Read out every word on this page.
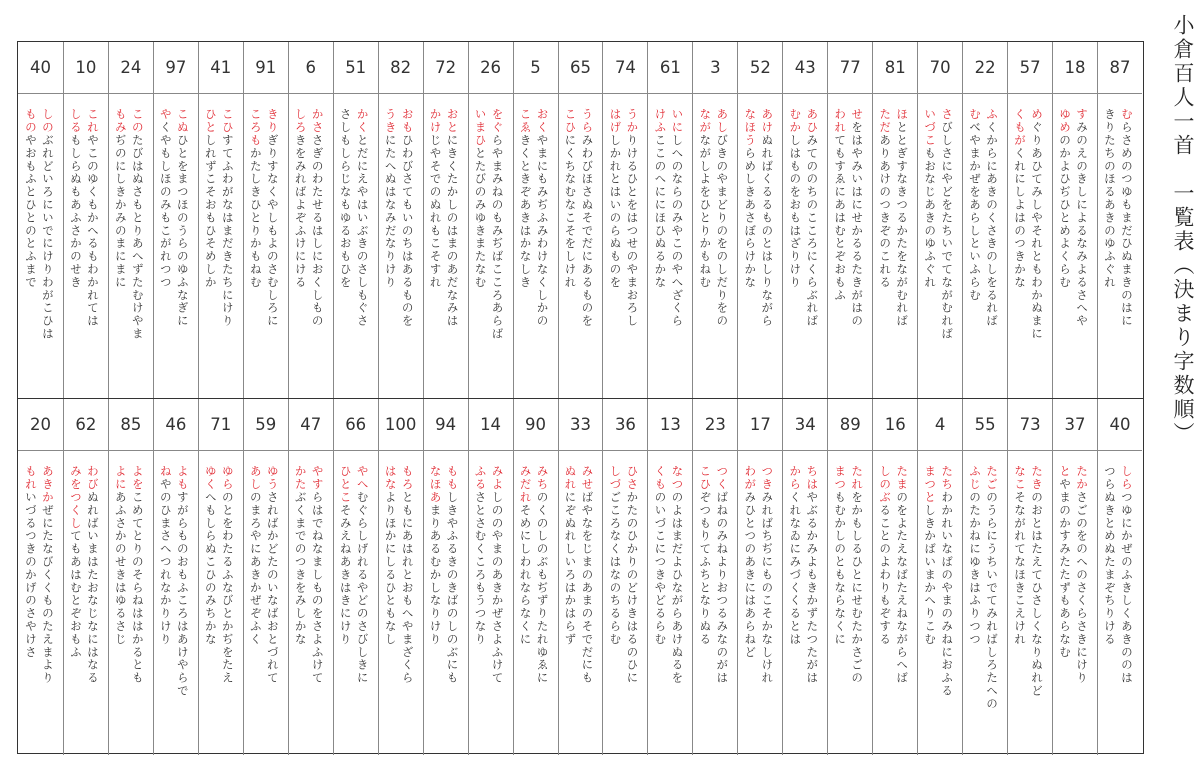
小倉百人一首　一覧表（決まり字数順）
87
むらさめのつゆもまだひぬまきのはに
きりたちのほるあきのゆふぐれ
18
すみのえのきしによるなみよるさへや
ゆめのかよひぢひとめよくらむ
57
めぐりあひてみしやそれともわかぬまに
くもがくれにしよはのつきかな
22
ふくからにあきのくさきのしをるれば
むべやまかぜをあらしといふらむ
70
さびしさにやどをたちいでてながむれば
いづこもおなじあきのゆふぐれ
81
ほととぎすなきつるかたをながむれば
ただありあけのつきぞのこれる
77
せをはやみいはにせかるるたきがはの
われてもすゑにあはむとぞおもふ
43
あひみてののちのこころにくらぶれば
むかしはものをおもはざりけり
52
あけぬればくるるものとはしりながら
なほうらめしきあさぼらけかな
3
あしびきのやまどりのをのしだりをの
ながながしよをひとりかもねむ
61
いにしへのならのみやこのやへざくら
けふここのへににほひぬるかな
74
うかりけるひとをはつせのやまおろし
はげしかれとはいのらぬものを
65
うらみわびほさぬそでだにあるものを
こひにくちなむなこそをしけれ
5
おくやまにもみぢふみわけなくしかの
こゑきくときぞあきはかなしき
26
をぐらやまみねのもみぢばこころあらば
いまひとたびのみゆきまたなむ
72
おとにきくたかしのはまのあだなみは
かけじやそでのぬれもこそすれ
82
おもひわびさてもいのちはあるものを
うきにたへぬはなみだなりけり
51
かくとだにえやはいぶきのさしもぐさ
さしもしらじなもゆるおもひを
6
かささぎのわたせるはしにおくしもの
しろきをみればよぞふけにける
91
きりぎりすなくやしもよのさむしろに
ころもかたしきひとりかもねむ
41
こひすてふわがなはまだきたちにけり
ひとしれずこそおもひそめしか
97
こぬひとをまつほのうらのゆふなぎに
やくやもしほのみもこがれつつ
24
このたびはぬさもとりあへずたむけやま
もみぢのにしきかみのまにまに
10
これやこのゆくもかへるもわかれては
しるもしらぬもあふさかのせき
40
しのぶれどいろにいでにけりわがこひは
ものやおもふとひとのとふまで
40
しらつゆにかぜのふきしくあきののは
つらぬきとめぬたまぞちりける
37
たかさごのをのへのさくらさきにけり
とやまのかすみたたずもあらなむ
73
たきのおとはたえてひさしくなりぬれど
なこそながれてなほきこえけれ
55
たごのうらにうちいでてみればしろたへの
ふじのたかねにゆきはふりつつ
4
たちわかれいなばのやまのみねにおふる
まつとしきかばいまかへりこむ
16
たまのをよたえなばたえねながらへば
しのぶることのよわりもぞする
89
たれをかもしるひとにせむたかさごの
まつもむかしのともならなくに
34
ちはやぶるかみよもきかずたつたがは
からくれなゐにみづくくるとは
17
つきみればちぢにものこそかなしけれ
わがみひとつのあきにはあらねど
23
つくばねのみねよりおつるみなのがは
こひぞつもりてふちとなりぬる
13
なつのよはまだよひながらあけぬるを
くものいづこにつきやどるらむ
36
ひさかたのひかりのどけきはるのひに
しづごころなくはなのちるらむ
33
みせばやなをじまのあまのそでだにも
ぬれにぞぬれしいろはかはらず
90
みちのくのしのぶもぢずりたれゆゑに
みだれそめにしわれならなくに
14
みよしののやまのあきかぜさよふけて
ふるさとさむくころもうつなり
94
ももしきやふるきのきばのしのぶにも
なほあまりあるむかしなりけり
100
もろともにあはれとおもへやまざくら
はなよりほかにしるひともなし
66
やへむぐらしげれるやどのさびしきに
ひとこそみえねあきはきにけり
47
やすらはでねなましものをさよふけて
かたぶくまでのつきをみしかな
59
ゆうさればかどたのいなばおとづれて
あしのまろやにあきかぜぞふく
71
ゆらのとをわたるふなびとかぢをたえ
ゆくへもしらぬこひのみちかな
46
よもすがらものおもふころはあけやらで
ねやのひまさへつれなかりけり
85
よをこめてとりのそらねははかるとも
よにあふさかのせきはゆるさじ
62
わびぬればいまはたおなじなにはなる
みをつくしてもあはむとぞおもふ
20
あきかぜにたなびくくものたえまより
もれいづるつきのかげのさやけさ
